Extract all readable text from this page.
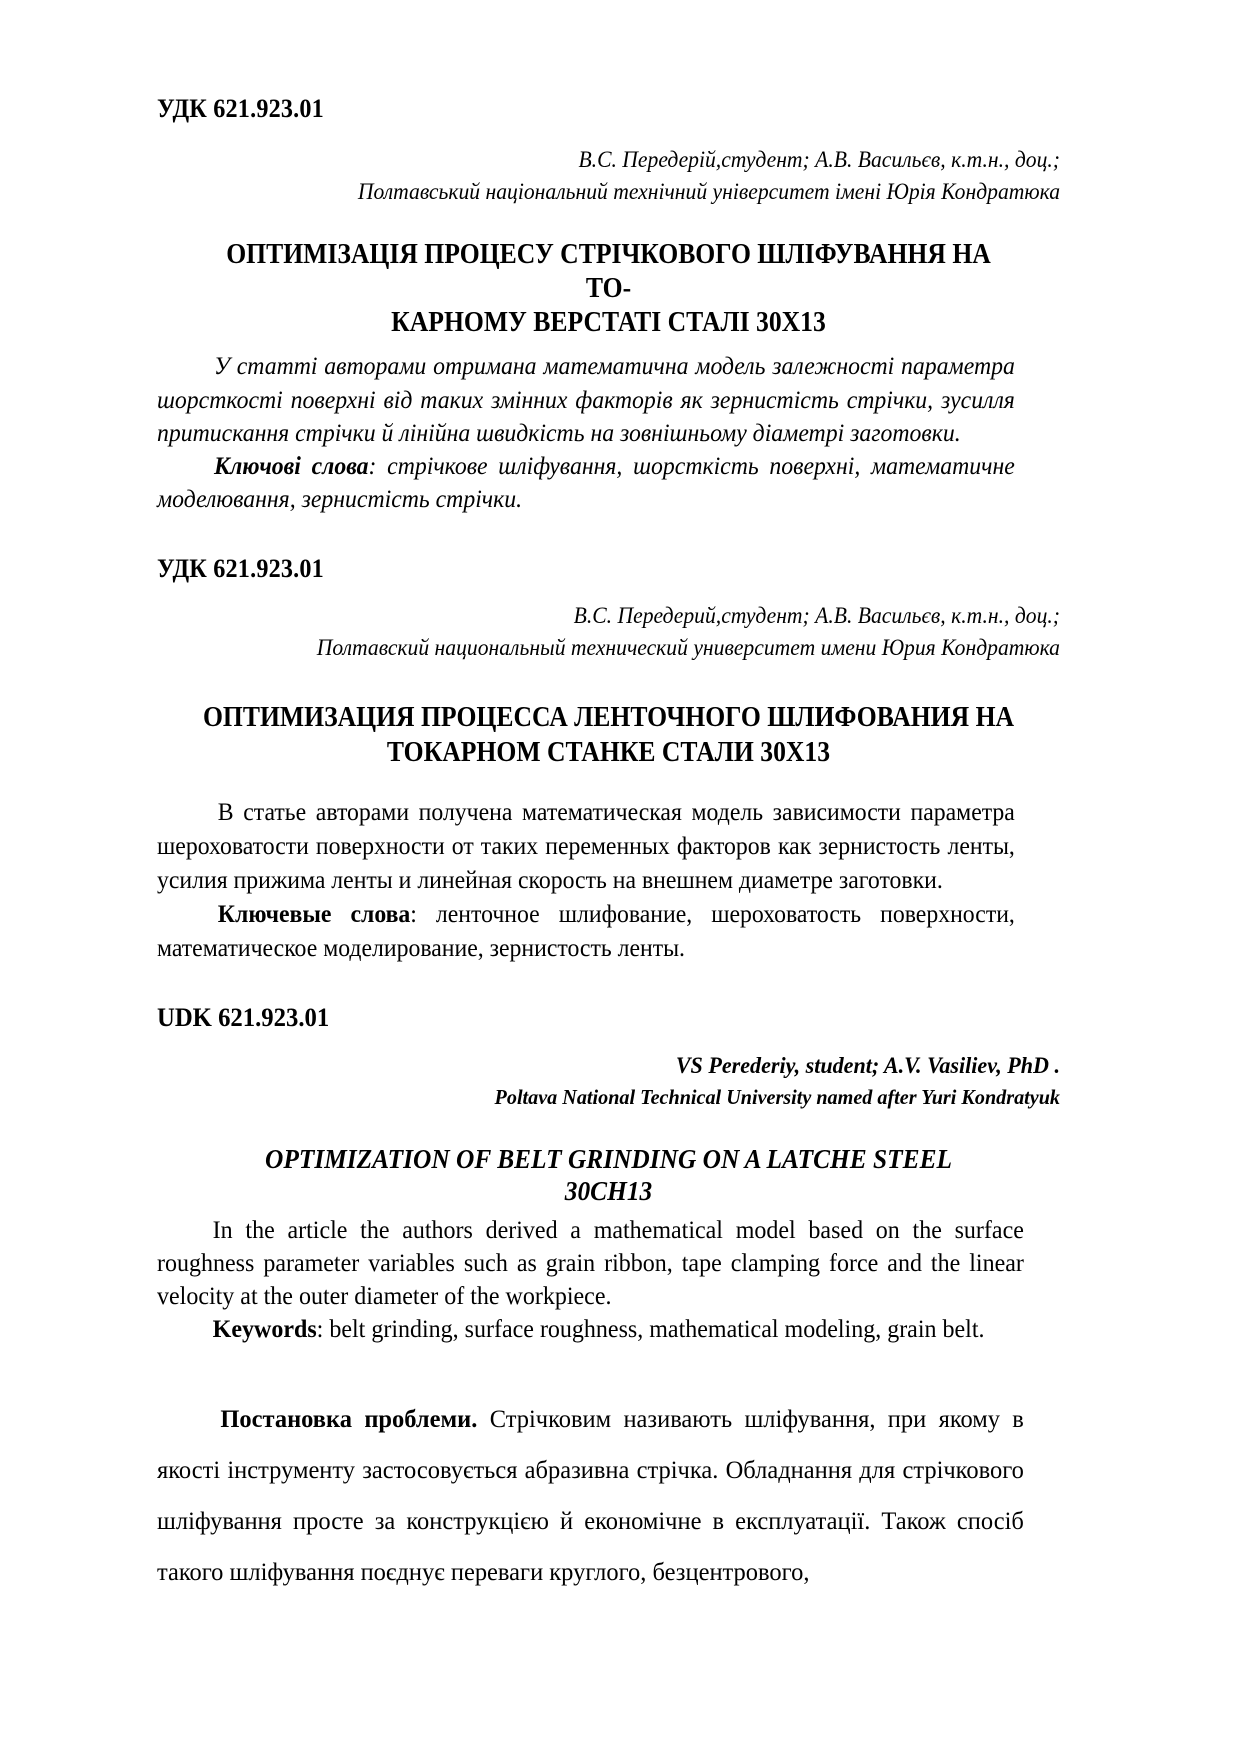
УДК 621.923.01

В.С. Передерій,студент; А.В. Васильєв, к.т.н., доц.;

Полтавський національний технічний університет імені Юрія Кондратюка

ОПТИМІЗАЦІЯ ПРОЦЕСУ СТРІЧКОВОГО ШЛІФУВАННЯ НА ТО-

КАРНОМУ ВЕРСТАТІ СТАЛІ 30Х13

У статті авторами отримана математична модель залежності параметра шорсткості поверхні від таких змінних факторів як зернистість стрічки, зусилля притискання стрічки й лінійна швидкість на зовнішньому діаметрі заготовки.

Ключові слова: стрічкове шліфування, шорсткість поверхні, математичне моделювання, зернистість стрічки.

УДК 621.923.01

В.С. Передерий,студент; А.В. Васильєв, к.т.н., доц.;

Полтавский национальный технический университет имени Юрия Кондратюка

ОПТИМИЗАЦИЯ ПРОЦЕССА ЛЕНТОЧНОГО ШЛИФОВАНИЯ НА

ТОКАРНОМ СТАНКЕ СТАЛИ 30Х13

В статье авторами получена математическая модель зависимости параметра шероховатости поверхности от таких переменных факторов как зернистость ленты, усилия прижима ленты и линейная скорость на внешнем диаметре заготовки.

Ключевые слова: ленточное шлифование, шероховатость поверхности, математическое моделирование, зернистость ленты.

UDK 621.923.01

VS Perederiy, student; A.V. Vasiliev, PhD .

Poltava National Technical University named after Yuri Kondratyuk

OPTIMIZATION OF BELT GRINDING ON A LATCHE STEEL

30CH13

In the article the authors derived a mathematical model based on the surface roughness parameter variables such as grain ribbon, tape clamping force and the linear velocity at the outer diameter of the workpiece.

Keywords: belt grinding, surface roughness, mathematical modeling, grain belt.

Постановка проблеми. Стрічковим називають шліфування, при якому в якості інструменту застосовується абразивна стрічка. Обладнання для стрічкового шліфування просте за конструкцією й економічне в експлуатації. Також спосіб такого шліфування поєднує переваги круглого, безцентрового,
